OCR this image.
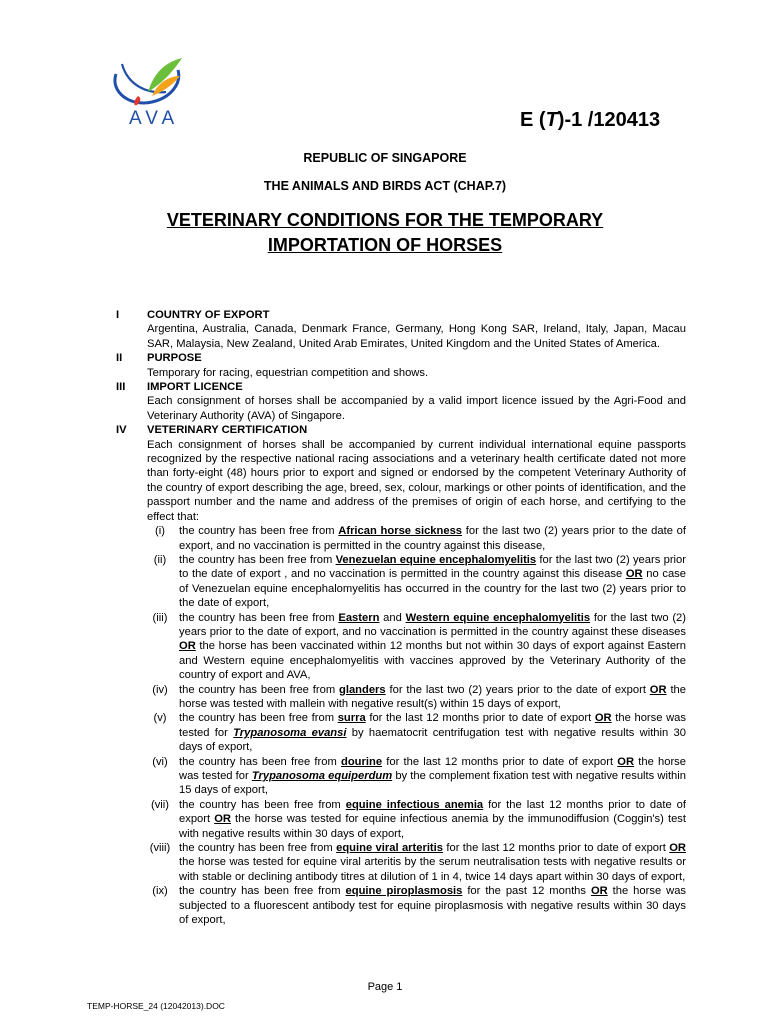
AVA	E (T)-1 /120413
REPUBLIC OF SINGAPORE
THE ANIMALS AND BIRDS ACT (CHAP.7)
VETERINARY CONDITIONS FOR THE TEMPORARY
IMPORTATION OF HORSES
I COUNTRY OF EXPORT
Argentina, Australia, Canada, Denmark France, Germany, Hong Kong SAR, Ireland, Italy, Japan, Macau SAR, Malaysia, New Zealand, United Arab Emirates, United Kingdom and the United States of America.
II PURPOSE
Temporary for racing, equestrian competition and shows.
III IMPORT LICENCE
Each consignment of horses shall be accompanied by a valid import licence issued by the Agri-Food and Veterinary Authority (AVA) of Singapore.
IV VETERINARY CERTIFICATION
Each consignment of horses shall be accompanied by current individual international equine passports recognized by the respective national racing associations and a veterinary health certificate dated not more than forty-eight (48) hours prior to export and signed or endorsed by the competent Veterinary Authority of the country of export describing the age, breed, sex, colour, markings or other points of identification, and the passport number and the name and address of the premises of origin of each horse, and certifying to the effect that:
(i)	the country has been free from African horse sickness for the last two (2) years prior to the date of export, and no vaccination is permitted in the country against this disease,
(ii)	the country has been free from Venezuelan equine encephalomyelitis for the last two (2) years prior to the date of export , and no vaccination is permitted in the country against this disease OR no case of Venezuelan equine encephalomyelitis has occurred in the country for the last two (2) years prior to the date of export,
(iii)	the country has been free from Eastern and Western equine encephalomyelitis for the last two (2) years prior to the date of export, and no vaccination is permitted in the country against these diseases OR the horse has been vaccinated within 12 months but not within 30 days of export against Eastern and Western equine encephalomyelitis with vaccines approved by the Veterinary Authority of the country of export and AVA,
(iv)	the country has been free from glanders for the last two (2) years prior to the date of export OR the horse was tested with mallein with negative result(s) within 15 days of export,
(v)	the country has been free from surra for the last 12 months prior to date of export OR the horse was tested for Trypanosoma evansi by haematocrit centrifugation test with negative results within 30 days of export,
(vi)	the country has been free from dourine for the last 12 months prior to date of export OR the horse was tested for Trypanosoma equiperdum by the complement fixation test with negative results within 15 days of export,
(vii) the country has been free from equine infectious anemia for the last 12 months prior to date of export OR the horse was tested for equine infectious anemia by the immunodiffusion (Coggin's) test with negative results within 30 days of export,
(viii) the country has been free from equine viral arteritis for the last 12 months prior to date of export OR the horse was tested for equine viral arteritis by the serum neutralisation tests with negative results or with stable or declining antibody titres at dilution of 1 in 4, twice 14 days apart within 30 days of export,
(ix)	the country has been free from equine piroplasmosis for the past 12 months OR the horse was subjected to a fluorescent antibody test for equine piroplasmosis with negative results within 30 days of export,
Page 1
TEMP-HORSE_24 (12042013).DOC
